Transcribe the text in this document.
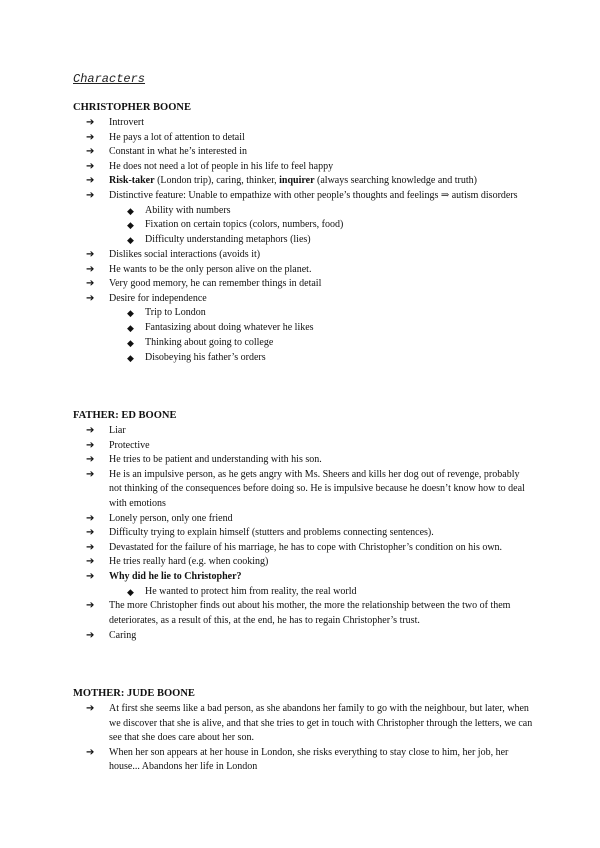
Characters
CHRISTOPHER BOONE
➔ Introvert
➔ He pays a lot of attention to detail
➔ Constant in what he’s interested in
➔ He does not need a lot of people in his life to feel happy
➔ Risk-taker (London trip), caring, thinker, inquirer (always searching knowledge and truth)
➔ Distinctive feature: Unable to empathize with other people’s thoughts and feelings ⇒ autism disorders
◆ Ability with numbers
◆ Fixation on certain topics (colors, numbers, food)
◆ Difficulty understanding metaphors (lies)
➔ Dislikes social interactions (avoids it)
➔ He wants to be the only person alive on the planet.
➔ Very good memory, he can remember things in detail
➔ Desire for independence
◆ Trip to London
◆ Fantasizing about doing whatever he likes
◆ Thinking about going to college
◆ Disobeying his father’s orders
FATHER: ED BOONE
➔ Liar
➔ Protective
➔ He tries to be patient and understanding with his son.
➔ He is an impulsive person, as he gets angry with Ms. Sheers and kills her dog out of revenge, probably not thinking of the consequences before doing so. He is impulsive because he doesn’t know how to deal with emotions
➔ Lonely person, only one friend
➔ Difficulty trying to explain himself (stutters and problems connecting sentences).
➔ Devastated for the failure of his marriage, he has to cope with Christopher’s condition on his own.
➔ He tries really hard (e.g. when cooking)
➔ Why did he lie to Christopher?
◆ He wanted to protect him from reality, the real world
➔ The more Christopher finds out about his mother, the more the relationship between the two of them deteriorates, as a result of this, at the end, he has to regain Christopher’s trust.
➔ Caring
MOTHER: JUDE BOONE
➔ At first she seems like a bad person, as she abandons her family to go with the neighbour, but later, when we discover that she is alive, and that she tries to get in touch with Christopher through the letters, we can see that she does care about her son.
➔ When her son appears at her house in London, she risks everything to stay close to him, her job, her house... Abandons her life in London
